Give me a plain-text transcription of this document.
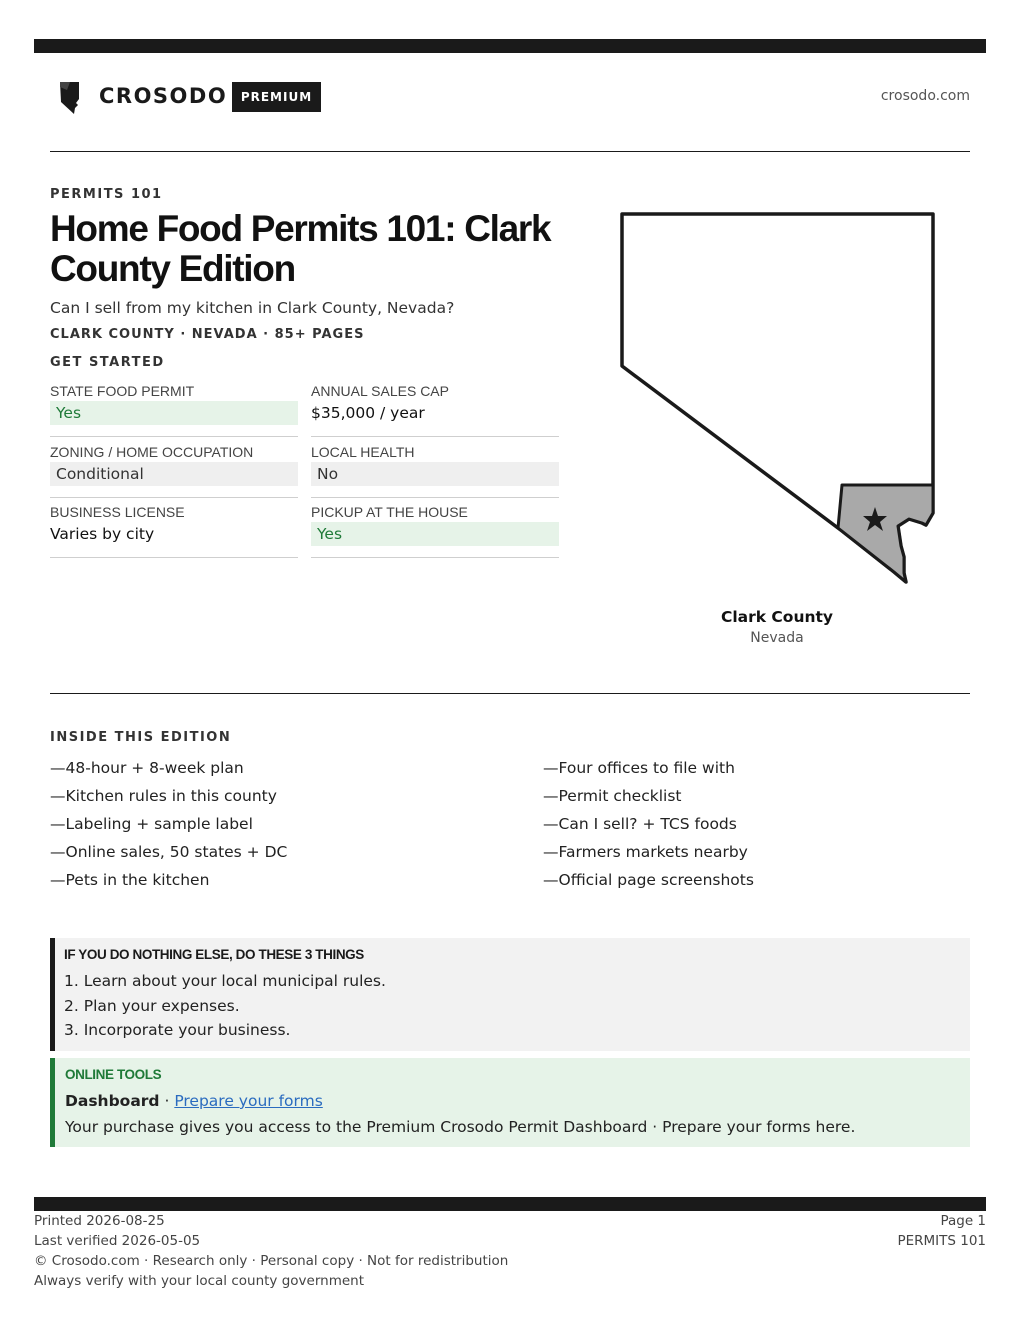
CROSODO	PREMIUM	crosodo.com
PERMITS 101
Home Food Permits 101: Clark County Edition
Can I sell from my kitchen in Clark County, Nevada?
CLARK COUNTY · NEVADA · 85+ PAGES
GET STARTED
STATE FOOD PERMIT
Yes
ANNUAL SALES CAP
$35,000 / year
ZONING / HOME OCCUPATION
Conditional
LOCAL HEALTH
No
BUSINESS LICENSE
Varies by city
PICKUP AT THE HOUSE
Yes
Clark County
Nevada
INSIDE THIS EDITION
—48-hour + 8-week plan
—Kitchen rules in this county
—Labeling + sample label
—Online sales, 50 states + DC
—Pets in the kitchen
—Four offices to file with
—Permit checklist
—Can I sell? + TCS foods
—Farmers markets nearby
—Official page screenshots
IF YOU DO NOTHING ELSE, DO THESE 3 THINGS
1. Learn about your local municipal rules.
2. Plan your expenses.
3. Incorporate your business.
ONLINE TOOLS
Dashboard · Prepare your forms
Your purchase gives you access to the Premium Crosodo Permit Dashboard · Prepare your forms here.
Printed 2026-08-25
Last verified 2026-05-05
© Crosodo.com · Research only · Personal copy · Not for redistribution
Always verify with your local county government
Page 1
PERMITS 101
